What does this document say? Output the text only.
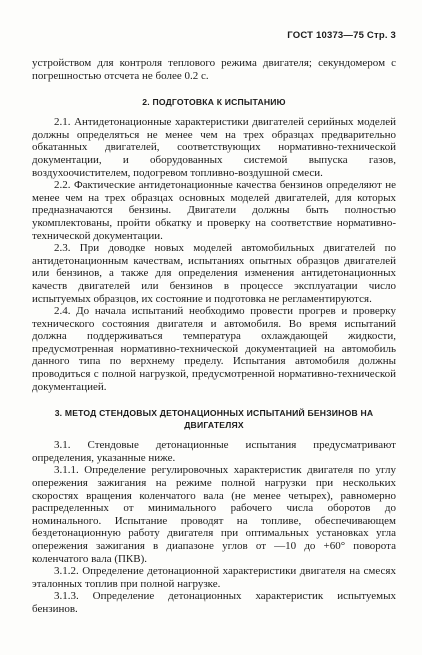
ГОСТ 10373—75 Стр. 3

устройством для контроля теплового режима двигателя; секундомером с погрешностью отсчета не более 0.2 с.

2. ПОДГОТОВКА К ИСПЫТАНИЮ

2.1. Антидетонационные характеристики двигателей серийных моделей должны определяться не менее чем на трех образцах предварительно обкатанных двигателей, соответствующих нормативно-технической документации, и оборудованных системой выпуска газов, воздухоочистителем, подогревом топливно-воздушной смеси.

2.2. Фактические антидетонационные качества бензинов определяют не менее чем на трех образцах основных моделей двигателей, для которых предназначаются бензины. Двигатели должны быть полностью укомплектованы, пройти обкатку и проверку на соответствие нормативно-технической документации.

2.3. При доводке новых моделей автомобильных двигателей по антидетонационным качествам, испытаниях опытных образцов двигателей или бензинов, а также для определения изменения антидетонационных качеств двигателей или бензинов в процессе эксплуатации число испытуемых образцов, их состояние и подготовка не регламентируются.

2.4. До начала испытаний необходимо провести прогрев и проверку технического состояния двигателя и автомобиля. Во время испытаний должна поддерживаться температура охлаждающей жидкости, предусмотренная нормативно-технической документацией на автомобиль данного типа по верхнему пределу. Испытания автомобиля должны проводиться с полной нагрузкой, предусмотренной нормативно-технической документацией.

3. МЕТОД СТЕНДОВЫХ ДЕТОНАЦИОННЫХ ИСПЫТАНИЙ БЕНЗИНОВ НА ДВИГАТЕЛЯХ

3.1. Стендовые детонационные испытания предусматривают определения, указанные ниже.

3.1.1. Определение регулировочных характеристик двигателя по углу опережения зажигания на режиме полной нагрузки при нескольких скоростях вращения коленчатого вала (не менее четырех), равномерно распределенных от минимального рабочего числа оборотов до номинального. Испытание проводят на топливе, обеспечивающем бездетонационную работу двигателя при оптимальных установках угла опережения зажигания в диапазоне углов от —10 до +60° поворота коленчатого вала (ПКВ).

3.1.2. Определение детонационной характеристики двигателя на смесях эталонных топлив при полной нагрузке.

3.1.3. Определение детонационных характеристик испытуемых бензинов.
